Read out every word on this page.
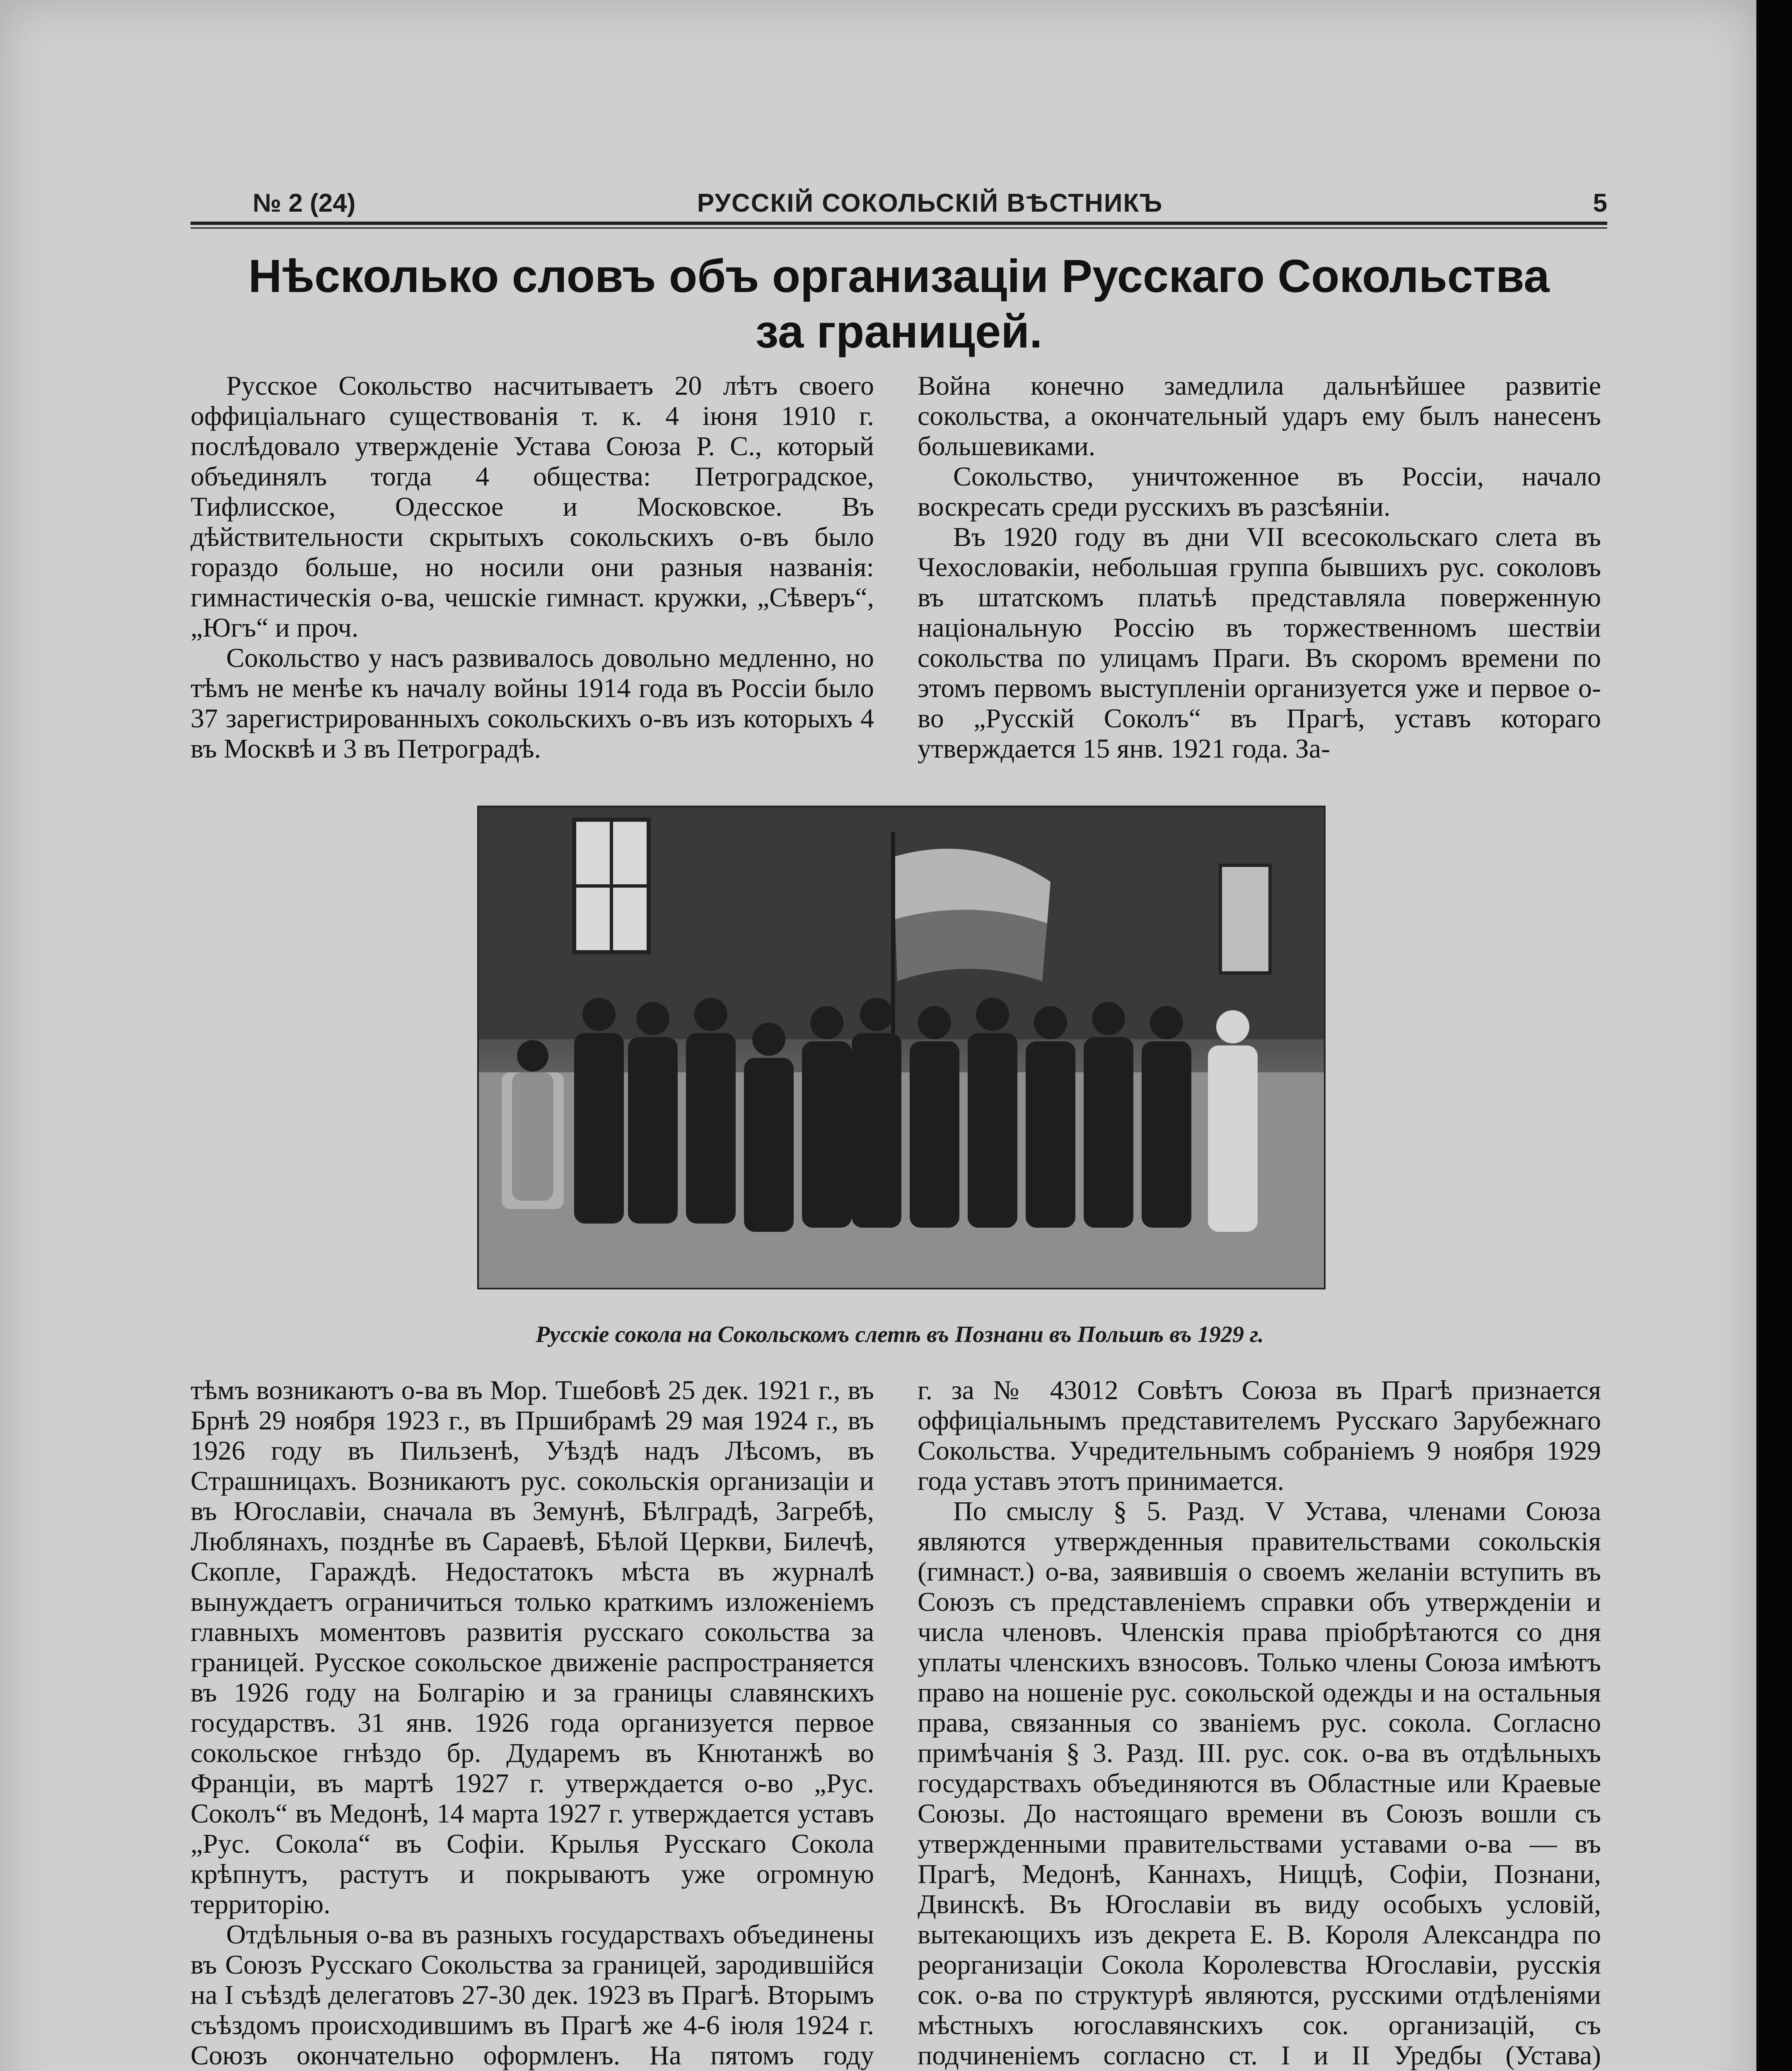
№ 2 (24)	РУССКІЙ СОКОЛЬСКІЙ ВѢСТНИКЪ	5
Нѣсколько словъ объ организаціи Русскаго Сокольства
за границей.

Русское Сокольство насчитываетъ 20 лѣтъ своего оффиціальнаго существованія т. к. 4 іюня 1910 г. послѣдовало утвержденіе Устава Союза Р. С., который объединялъ тогда 4 общества: Петроградское, Тифлисское, Одесское и Московское. Въ дѣйствительности скрытыхъ сокольскихъ о-въ было гораздо больше, но носили они разныя названія: гимнастическія о-ва, чешскіе гимнаст. кружки, „Сѣверъ“, „Югъ“ и проч.

Сокольство у насъ развивалось довольно медленно, но тѣмъ не менѣе къ началу войны 1914 года въ Россіи было 37 зарегистрированныхъ сокольскихъ о-въ изъ которыхъ 4 въ Москвѣ и 3 въ Петроградѣ.

Война конечно замедлила дальнѣйшее развитіе сокольства, а окончательный ударъ ему былъ нанесенъ большевиками.

Сокольство, уничтоженное въ Россіи, начало воскресать среди русскихъ въ разсѣяніи.

Въ 1920 году въ дни VII всесокольскаго слета въ Чехословакіи, небольшая группа бывшихъ рус. соколовъ въ штатскомъ платьѣ представляла поверженную національную Россію въ торжественномъ шествіи сокольства по улицамъ Праги. Въ скоромъ времени по этомъ первомъ выступленіи организуется уже и первое о-во „Русскій Соколъ“ въ Прагѣ, уставъ котораго утверждается 15 янв. 1921 года. За-

Русскіе сокола на Сокольскомъ слетѣ въ Познани въ Польшѣ въ 1929 г.

тѣмъ возникаютъ о-ва въ Мор. Тшебовѣ 25 дек. 1921 г., въ Брнѣ 29 ноября 1923 г., въ Пршибрамѣ 29 мая 1924 г., въ 1926 году въ Пильзенѣ, Уѣздѣ надъ Лѣсомъ, въ Страшницахъ. Возникаютъ рус. сокольскія организаціи и въ Югославіи, сначала въ Земунѣ, Бѣлградѣ, Загребѣ, Люблянахъ, позднѣе въ Сараевѣ, Бѣлой Церкви, Билечѣ, Скопле, Гараждѣ. Недостатокъ мѣста въ журналѣ вынуждаетъ ограничиться только краткимъ изложеніемъ главныхъ моментовъ развитія русскаго сокольства за границей. Русское сокольское движеніе распространяется въ 1926 году на Болгарію и за границы славянскихъ государствъ. 31 янв. 1926 года организуется первое сокольское гнѣздо бр. Дударемъ въ Кнютанжѣ во Франціи, въ мартѣ 1927 г. утверждается о-во „Рус. Соколъ“ въ Медонѣ, 14 марта 1927 г. утверждается уставъ „Рус. Сокола“ въ Софіи. Крылья Русскаго Сокола крѣпнутъ, растутъ и покрываютъ уже огромную территорію.

Отдѣльныя о-ва въ разныхъ государствахъ объединены въ Союзъ Русскаго Сокольства за границей, зародившійся на I съѣздѣ делегатовъ 27-30 дек. 1923 въ Прагѣ. Вторымъ съѣздомъ происходившимъ въ Прагѣ же 4-6 іюля 1924 г. Союзъ окончательно оформленъ. На пятомъ году

г. за № 43012 Совѣтъ Союза въ Прагѣ признается оффиціальнымъ представителемъ Русскаго Зарубежнаго Сокольства. Учредительнымъ собраніемъ 9 ноября 1929 года уставъ этотъ принимается.

По смыслу § 5. Разд. V Устава, членами Союза являются утвержденныя правительствами сокольскія (гимнаст.) о-ва, заявившія о своемъ желаніи вступить въ Союзъ съ представленіемъ справки объ утвержденіи и числа членовъ. Членскія права пріобрѣтаются со дня уплаты членскихъ взносовъ. Только члены Союза имѣютъ право на ношеніе рус. сокольской одежды и на остальныя права, связанныя со званіемъ рус. сокола. Согласно примѣчанія § 3. Разд. III. рус. сок. о-ва въ отдѣльныхъ государствахъ объединяются въ Областные или Краевые Союзы. До настоящаго времени въ Союзъ вошли съ утвержденными правительствами уставами о-ва — въ Прагѣ, Медонѣ, Каннахъ, Ниццѣ, Софіи, Познани, Двинскѣ. Въ Югославіи въ виду особыхъ условій, вытекающихъ изъ декрета Е. В. Короля Александра по реорганизаціи Сокола Королевства Югославіи, русскія сок. о-ва по структурѣ являются, русскими отдѣленіями мѣстныхъ югославянскихъ сок. организацій, съ подчиненіемъ согласно ст. I и II Уредбы (Устава)
